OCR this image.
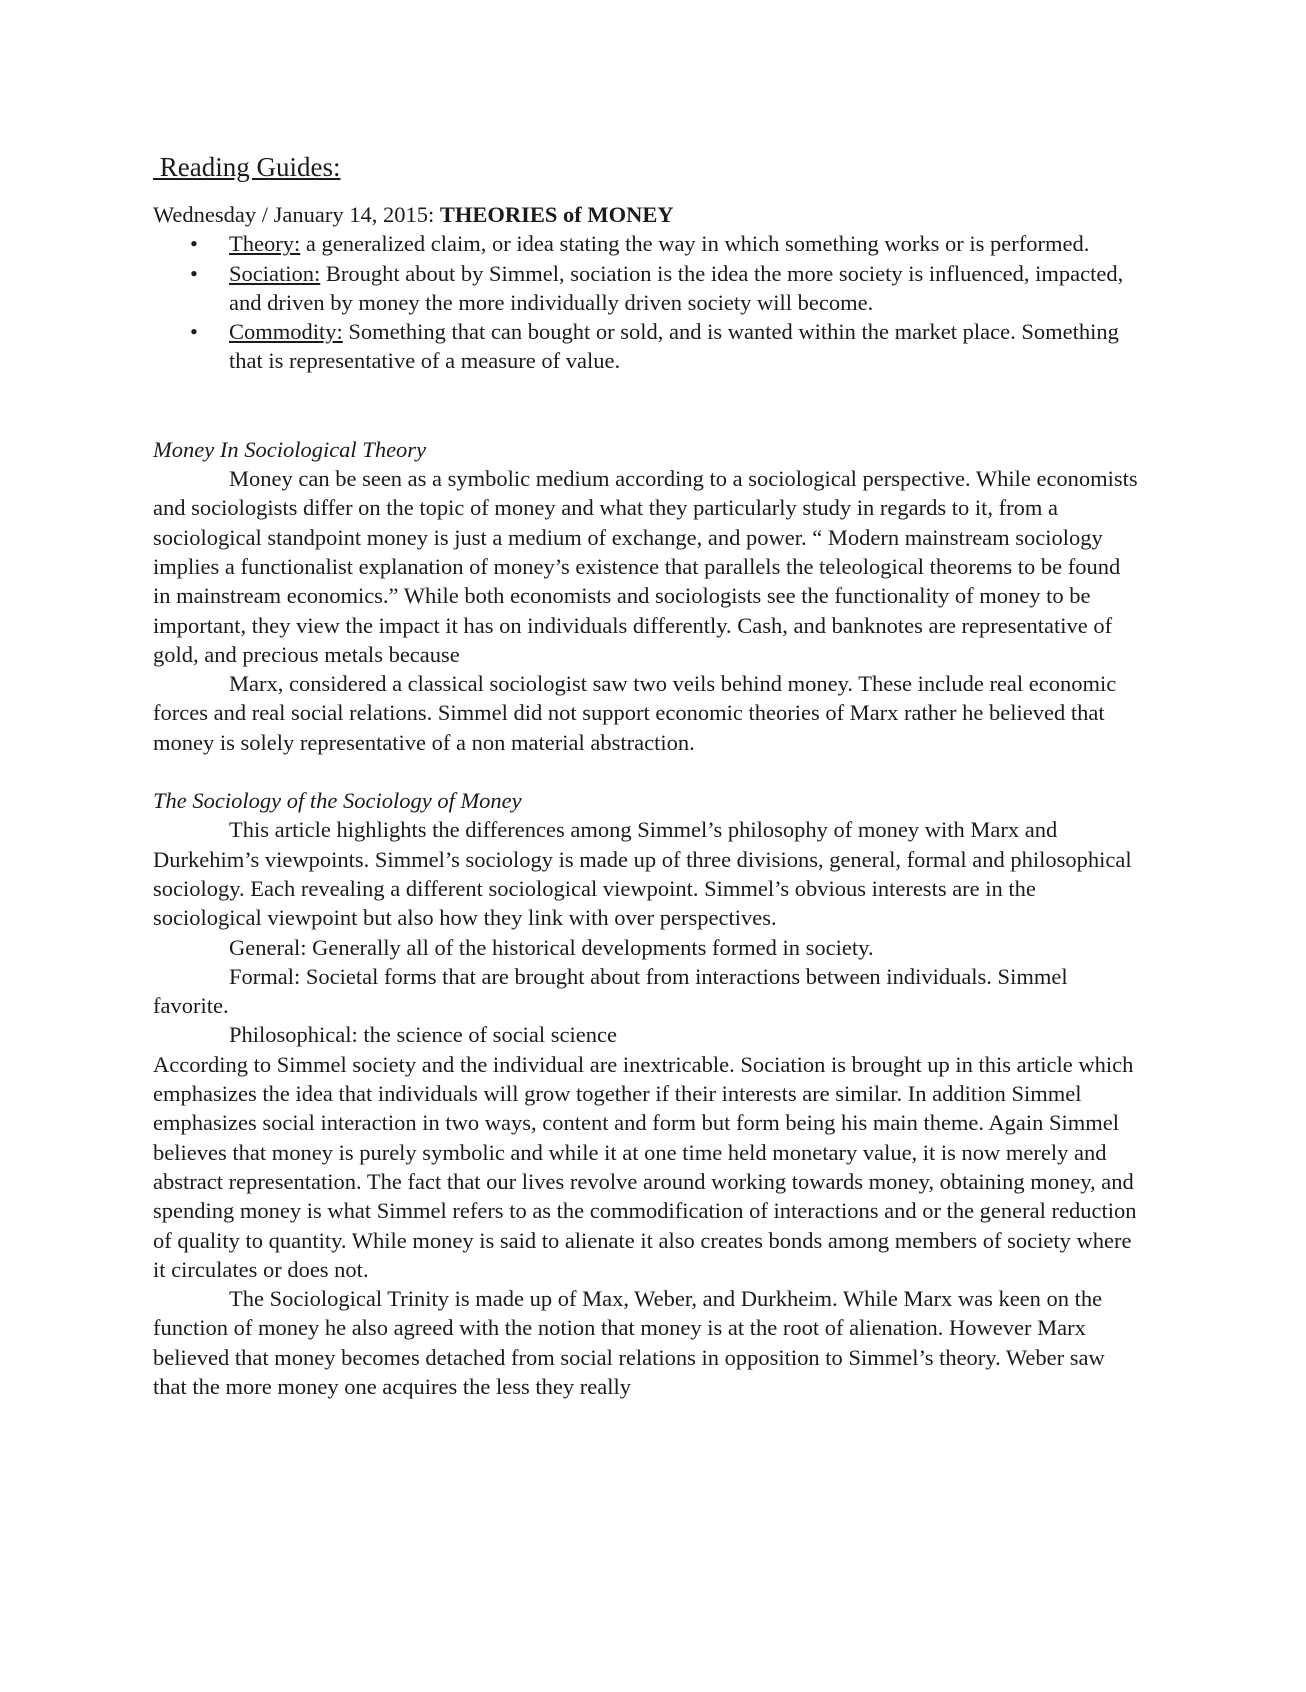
Reading Guides:

Wednesday / January 14, 2015: THEORIES of MONEY

• Theory: a generalized claim, or idea stating the way in which something works or is performed.
• Sociation: Brought about by Simmel, sociation is the idea the more society is influenced, impacted, and driven by money the more individually driven society will become.
• Commodity: Something that can bought or sold, and is wanted within the market place. Something that is representative of a measure of value.

Money In Sociological Theory

Money can be seen as a symbolic medium according to a sociological perspective. While economists and sociologists differ on the topic of money and what they particularly study in regards to it, from a sociological standpoint money is just a medium of exchange, and power. “ Modern mainstream sociology implies a functionalist explanation of money’s existence that parallels the teleological theorems to be found in mainstream economics.” While both economists and sociologists see the functionality of money to be important, they view the impact it has on individuals differently. Cash, and banknotes are representative of gold, and precious metals because

Marx, considered a classical sociologist saw two veils behind money. These include real economic forces and real social relations. Simmel did not support economic theories of Marx rather he believed that money is solely representative of a non material abstraction.

The Sociology of the Sociology of Money

This article highlights the differences among Simmel’s philosophy of money with Marx and Durkehim’s viewpoints. Simmel’s sociology is made up of three divisions, general, formal and philosophical sociology. Each revealing a different sociological viewpoint. Simmel’s obvious interests are in the sociological viewpoint but also how they link with over perspectives.

General: Generally all of the historical developments formed in society.

Formal: Societal forms that are brought about from interactions between individuals. Simmel favorite.

Philosophical: the science of social science

According to Simmel society and the individual are inextricable. Sociation is brought up in this article which emphasizes the idea that individuals will grow together if their interests are similar. In addition Simmel emphasizes social interaction in two ways, content and form but form being his main theme. Again Simmel believes that money is purely symbolic and while it at one time held monetary value, it is now merely and abstract representation. The fact that our lives revolve around working towards money, obtaining money, and spending money is what Simmel refers to as the commodification of interactions and or the general reduction of quality to quantity. While money is said to alienate it also creates bonds among members of society where it circulates or does not.

The Sociological Trinity is made up of Max, Weber, and Durkheim. While Marx was keen on the function of money he also agreed with the notion that money is at the root of alienation. However Marx believed that money becomes detached from social relations in opposition to Simmel’s theory. Weber saw that the more money one acquires the less they really
